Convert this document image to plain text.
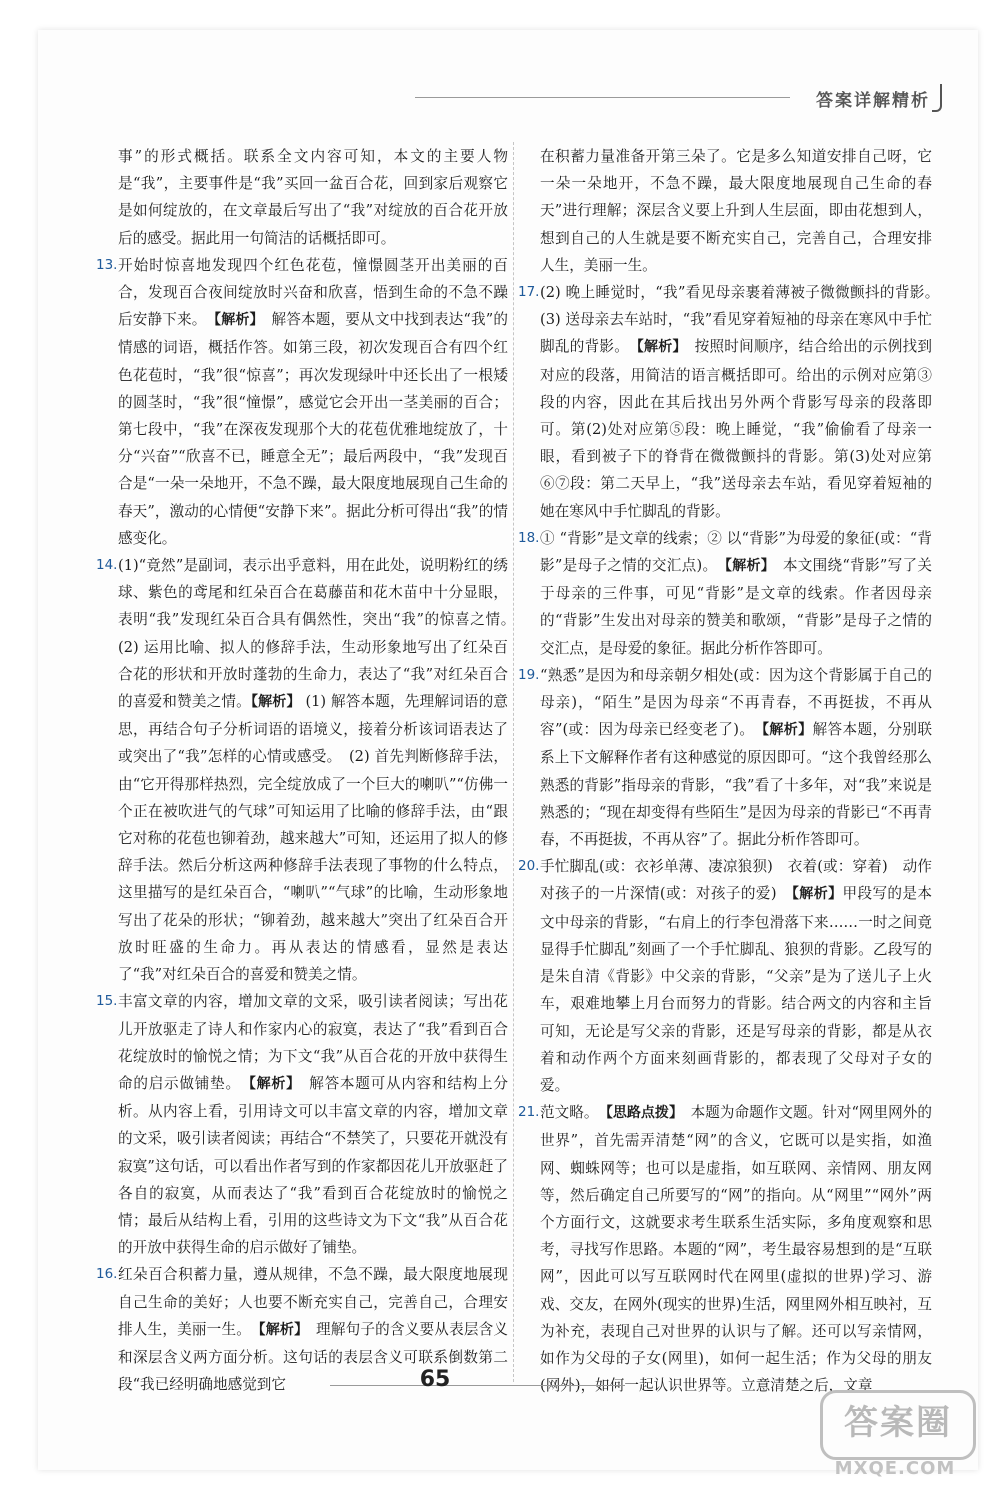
答案详解精析

事”的形式概括。联系全文内容可知，本文的主要人物是“我”，主要事件是“我”买回一盆百合花，回到家后观察它是如何绽放的，在文章最后写出了“我”对绽放的百合花开放后的感受。据此用一句简洁的话概括即可。

13. 开始时惊喜地发现四个红色花苞，憧憬圆茎开出美丽的百合，发现百合夜间绽放时兴奋和欣喜，悟到生命的不急不躁后安静下来。　【解析】　解答本题，要从文中找到表达“我”的情感的词语，概括作答。如第三段，初次发现百合有四个红色花苞时，“我”很“惊喜”；再次发现绿叶中还长出了一根矮的圆茎时，“我”很“憧憬”，感觉它会开出一茎美丽的百合；第七段中，“我”在深夜发现那个大的花苞优雅地绽放了，十分“兴奋”“欣喜不已，睡意全无”；最后两段中，“我”发现百合是“一朵一朵地开，不急不躁，最大限度地展现自己生命的春天”，激动的心情便“安静下来”。据此分析可得出“我”的情感变化。

14. (1)“竟然”是副词，表示出乎意料，用在此处，说明粉红的绣球、紫色的鸢尾和红朵百合在葛藤苗和花木苗中十分显眼，表明“我”发现红朵百合具有偶然性，突出“我”的惊喜之情。　(2) 运用比喻、拟人的修辞手法，生动形象地写出了红朵百合花的形状和开放时蓬勃的生命力，表达了“我”对红朵百合的喜爱和赞美之情。【解析】 (1) 解答本题，先理解词语的意思，再结合句子分析词语的语境义，接着分析该词语表达了或突出了“我”怎样的心情或感受。　(2) 首先判断修辞手法，由“它开得那样热烈，完全绽放成了一个巨大的喇叭”“仿佛一个正在被吹进气的气球”可知运用了比喻的修辞手法，由“跟它对称的花苞也铆着劲，越来越大”可知，还运用了拟人的修辞手法。然后分析这两种修辞手法表现了事物的什么特点，这里描写的是红朵百合，“喇叭”“气球”的比喻，生动形象地写出了花朵的形状；“铆着劲，越来越大”突出了红朵百合开放时旺盛的生命力。再从表达的情感看，显然是表达了“我”对红朵百合的喜爱和赞美之情。

15. 丰富文章的内容，增加文章的文采，吸引读者阅读；写出花儿开放驱走了诗人和作家内心的寂寞，表达了“我”看到百合花绽放时的愉悦之情；为下文“我”从百合花的开放中获得生命的启示做铺垫。　【解析】　解答本题可从内容和结构上分析。从内容上看，引用诗文可以丰富文章的内容，增加文章的文采，吸引读者阅读；再结合“不禁笑了，只要花开就没有寂寞”这句话，可以看出作者写到的作家都因花儿开放驱赶了各自的寂寞，从而表达了“我”看到百合花绽放时的愉悦之情；最后从结构上看，引用的这些诗文为下文“我”从百合花的开放中获得生命的启示做好了铺垫。

16. 红朵百合积蓄力量，遵从规律，不急不躁，最大限度地展现自己生命的美好；人也要不断充实自己，完善自己，合理安排人生，美丽一生。　【解析】　理解句子的含义要从表层含义和深层含义两方面分析。这句话的表层含义可联系倒数第二段“我已经明确地感觉到它

在积蓄力量准备开第三朵了。它是多么知道安排自己呀，它一朵一朵地开，不急不躁，最大限度地展现自己生命的春天”进行理解；深层含义要上升到人生层面，即由花想到人，想到自己的人生就是要不断充实自己，完善自己，合理安排人生，美丽一生。

17. (2) 晚上睡觉时，“我”看见母亲裹着薄被子微微颤抖的背影。　(3) 送母亲去车站时，“我”看见穿着短袖的母亲在寒风中手忙脚乱的背影。　【解析】　按照时间顺序，结合给出的示例找到对应的段落，用简洁的语言概括即可。给出的示例对应第③段的内容，因此在其后找出另外两个背影写母亲的段落即可。第(2)处对应第⑤段：晚上睡觉，“我”偷偷看了母亲一眼，看到被子下的脊背在微微颤抖的背影。第(3)处对应第⑥⑦段：第二天早上，“我”送母亲去车站，看见穿着短袖的她在寒风中手忙脚乱的背影。

18. ① “背影”是文章的线索；② 以“背影”为母爱的象征(或：“背影”是母子之情的交汇点)。　【解析】　本文围绕“背影”写了关于母亲的三件事，可见“背影”是文章的线索。作者因母亲的“背影”生发出对母亲的赞美和歌颂，“背影”是母子之情的交汇点，是母爱的象征。据此分析作答即可。

19. “熟悉”是因为和母亲朝夕相处(或：因为这个背影属于自己的母亲)，“陌生”是因为母亲“不再青春，不再挺拔，不再从容”(或：因为母亲已经变老了)。　【解析】解答本题，分别联系上下文解释作者有这种感觉的原因即可。“这个我曾经那么熟悉的背影”指母亲的背影，“我”看了十多年，对“我”来说是熟悉的；“现在却变得有些陌生”是因为母亲的背影已“不再青春，不再挺拔，不再从容”了。据此分析作答即可。

20. 手忙脚乱(或：衣衫单薄、凄凉狼狈)　衣着(或：穿着)　动作　对孩子的一片深情(或：对孩子的爱)　【解析】甲段写的是本文中母亲的背影，“右肩上的行李包滑落下来……一时之间竟显得手忙脚乱”刻画了一个手忙脚乱、狼狈的背影。乙段写的是朱自清《背影》中父亲的背影，“父亲”是为了送儿子上火车，艰难地攀上月台而努力的背影。结合两文的内容和主旨可知，无论是写父亲的背影，还是写母亲的背影，都是从衣着和动作两个方面来刻画背影的，都表现了父母对子女的爱。

21. 范文略。　【思路点拨】　本题为命题作文题。针对“网里网外的世界”，首先需弄清楚“网”的含义，它既可以是实指，如渔网、蜘蛛网等；也可以是虚指，如互联网、亲情网、朋友网等，然后确定自己所要写的“网”的指向。从“网里”“网外”两个方面行文，这就要求考生联系生活实际，多角度观察和思考，寻找写作思路。本题的“网”，考生最容易想到的是“互联网”，因此可以写互联网时代在网里(虚拟的世界)学习、游戏、交友，在网外(现实的世界)生活，网里网外相互映衬，互为补充，表现自己对世界的认识与了解。还可以写亲情网，如作为父母的子女(网里)，如何一起生活；作为父母的朋友(网外)，如何一起认识世界等。立意清楚之后，文章

65
答案圈
MXQE.COM
